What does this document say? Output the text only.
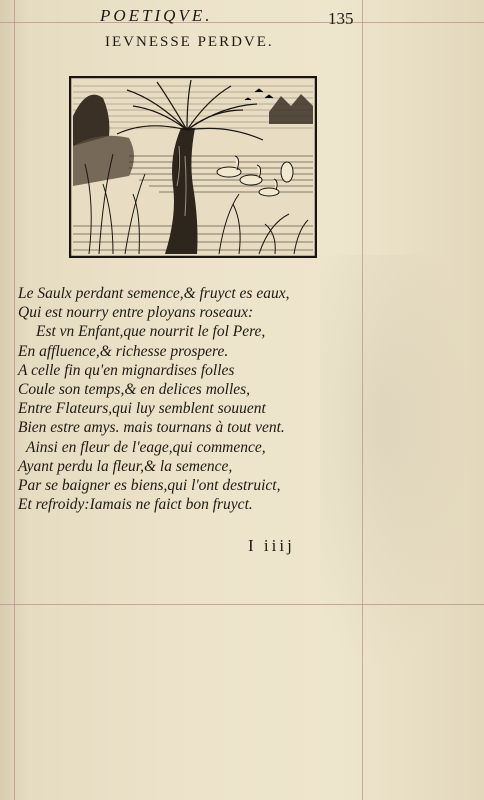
POETIQVE.	135
IEVNESSE PERDVE.
Le Saulx perdant semence,& fruyct es eaux,
Qui est nourry entre ployans roseaux:
Est vn Enfant,que nourrit le fol Pere,
En affluence,& richesse prospere.
A celle fin qu'en mignardises folles
Coule son temps,& en delices molles,
Entre Flateurs,qui luy semblent souuent
Bien estre amys. mais tournans à tout vent.
Ainsi en fleur de l'eage,qui commence,
Ayant perdu la fleur,& la semence,
Par se baigner es biens,qui l'ont destruict,
Et refroidy:Iamais ne faict bon fruyct.
I iiij
